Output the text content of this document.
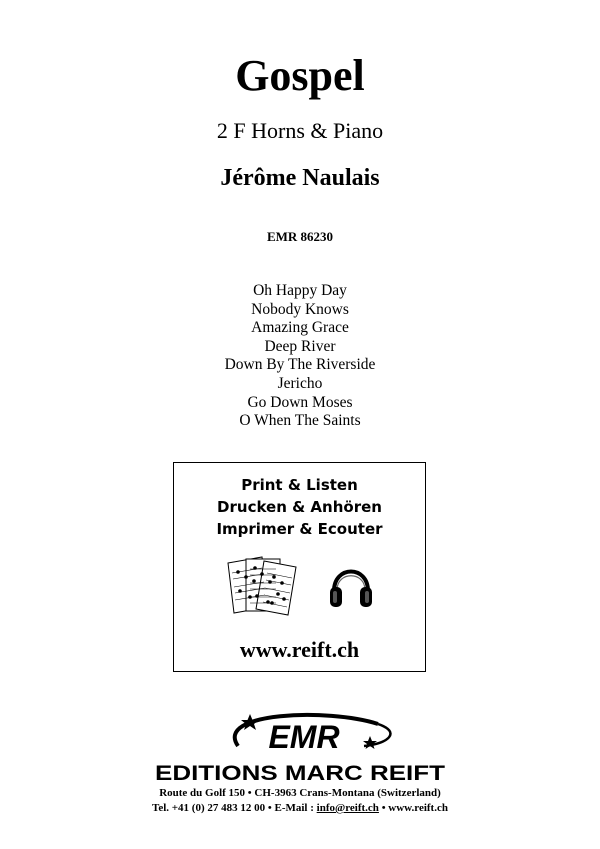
Gospel
2 F Horns & Piano
Jérôme Naulais
EMR 86230
Oh Happy Day
Nobody Knows
Amazing Grace
Deep River
Down By The Riverside
Jericho
Go Down Moses
O When The Saints
Print & Listen
Drucken & Anhören
Imprimer & Ecouter
www.reift.ch
EMR
EDITIONS MARC REIFT
Route du Golf 150 • CH-3963 Crans-Montana (Switzerland)
Tel. +41 (0) 27 483 12 00 • E-Mail : info@reift.ch • www.reift.ch
